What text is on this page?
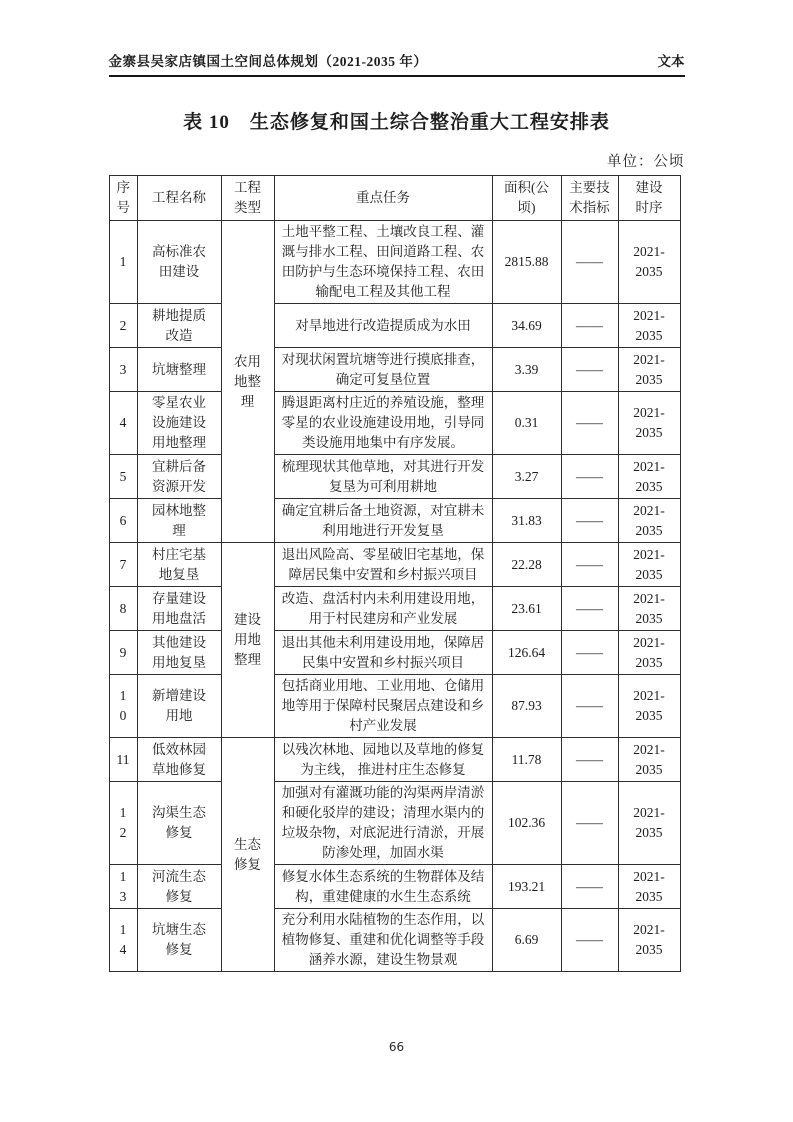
金寨县吴家店镇国土空间总体规划（2021-2035 年）	文本
表 10　生态修复和国土综合整治重大工程安排表
单位：公顷
序号	工程名称	工程类型	重点任务	面积(公顷)	主要技术指标	建设时序
1	高标准农田建设	农用地整理	土地平整工程、土壤改良工程、灌溉与排水工程、田间道路工程、农田防护与生态环境保持工程、农田输配电工程及其他工程	2815.88	——	2021-2035
2	耕地提质改造		对旱地进行改造提质成为水田	34.69	——	2021-2035
3	坑塘整理		对现状闲置坑塘等进行摸底排查，确定可复垦位置	3.39	——	2021-2035
4	零星农业设施建设用地整理		腾退距离村庄近的养殖设施，整理零星的农业设施建设用地，引导同类设施用地集中有序发展。	0.31	——	2021-2035
5	宜耕后备资源开发		梳理现状其他草地，对其进行开发复垦为可利用耕地	3.27	——	2021-2035
6	园林地整理		确定宜耕后备土地资源，对宜耕未利用地进行开发复垦	31.83	——	2021-2035
7	村庄宅基地复垦	建设用地整理	退出风险高、零星破旧宅基地，保障居民集中安置和乡村振兴项目	22.28	——	2021-2035
8	存量建设用地盘活		改造、盘活村内未利用建设用地，用于村民建房和产业发展	23.61	——	2021-2035
9	其他建设用地复垦		退出其他未利用建设用地，保障居民集中安置和乡村振兴项目	126.64	——	2021-2035
10	新增建设用地		包括商业用地、工业用地、仓储用地等用于保障村民聚居点建设和乡村产业发展	87.93	——	2021-2035
11	低效林园草地修复	生态修复	以残次林地、园地以及草地的修复为主线， 推进村庄生态修复	11.78	——	2021-2035
12	沟渠生态修复		加强对有灌溉功能的沟渠两岸清淤和硬化驳岸的建设；清理水渠内的垃圾杂物，对底泥进行清淤，开展防渗处理，加固水渠	102.36	——	2021-2035
13	河流生态修复		修复水体生态系统的生物群体及结构，重建健康的水生生态系统	193.21	——	2021-2035
14	坑塘生态修复		充分利用水陆植物的生态作用，以植物修复、重建和优化调整等手段涵养水源，建设生物景观	6.69	——	2021-2035
66
